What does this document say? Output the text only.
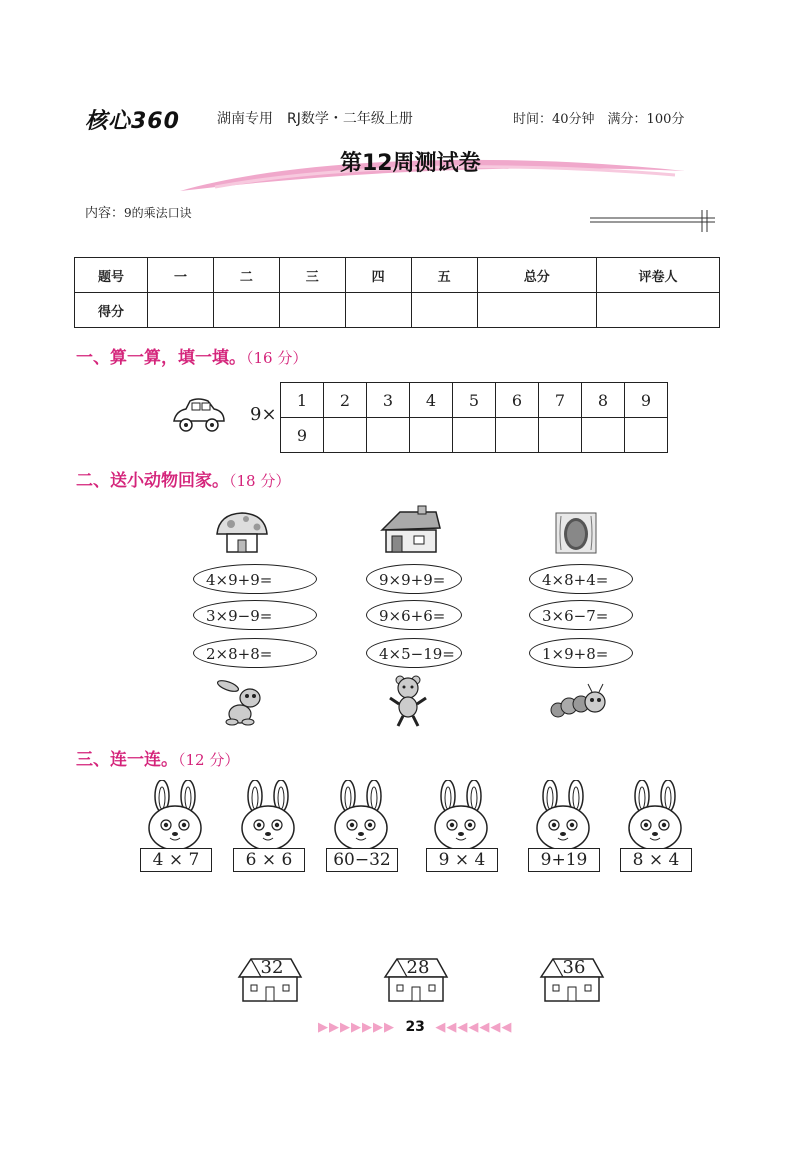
核心360	湖南专用　RJ数学・二年级上册	时间：40分钟　满分：100分
第12周测试卷
内容：9的乘法口诀
题号	一	二	三	四	五	总分	评卷人
得分							
一、算一算，填一填。（16 分）
9×
1	2	3	4	5	6	7	8	9
9								
二、送小动物回家。（18 分）
4×9+9=
3×9−9=
2×8+8=
9×9+9=
9×6+6=
4×5−19=
4×8+4=
3×6−7=
1×9+8=
三、连一连。（12 分）
4 × 7	6 × 6	60−32	9 × 4	9+19	8 × 4
32	28	36
▶▶▶▶▶▶▶ 23 ◀◀◀◀◀◀◀
